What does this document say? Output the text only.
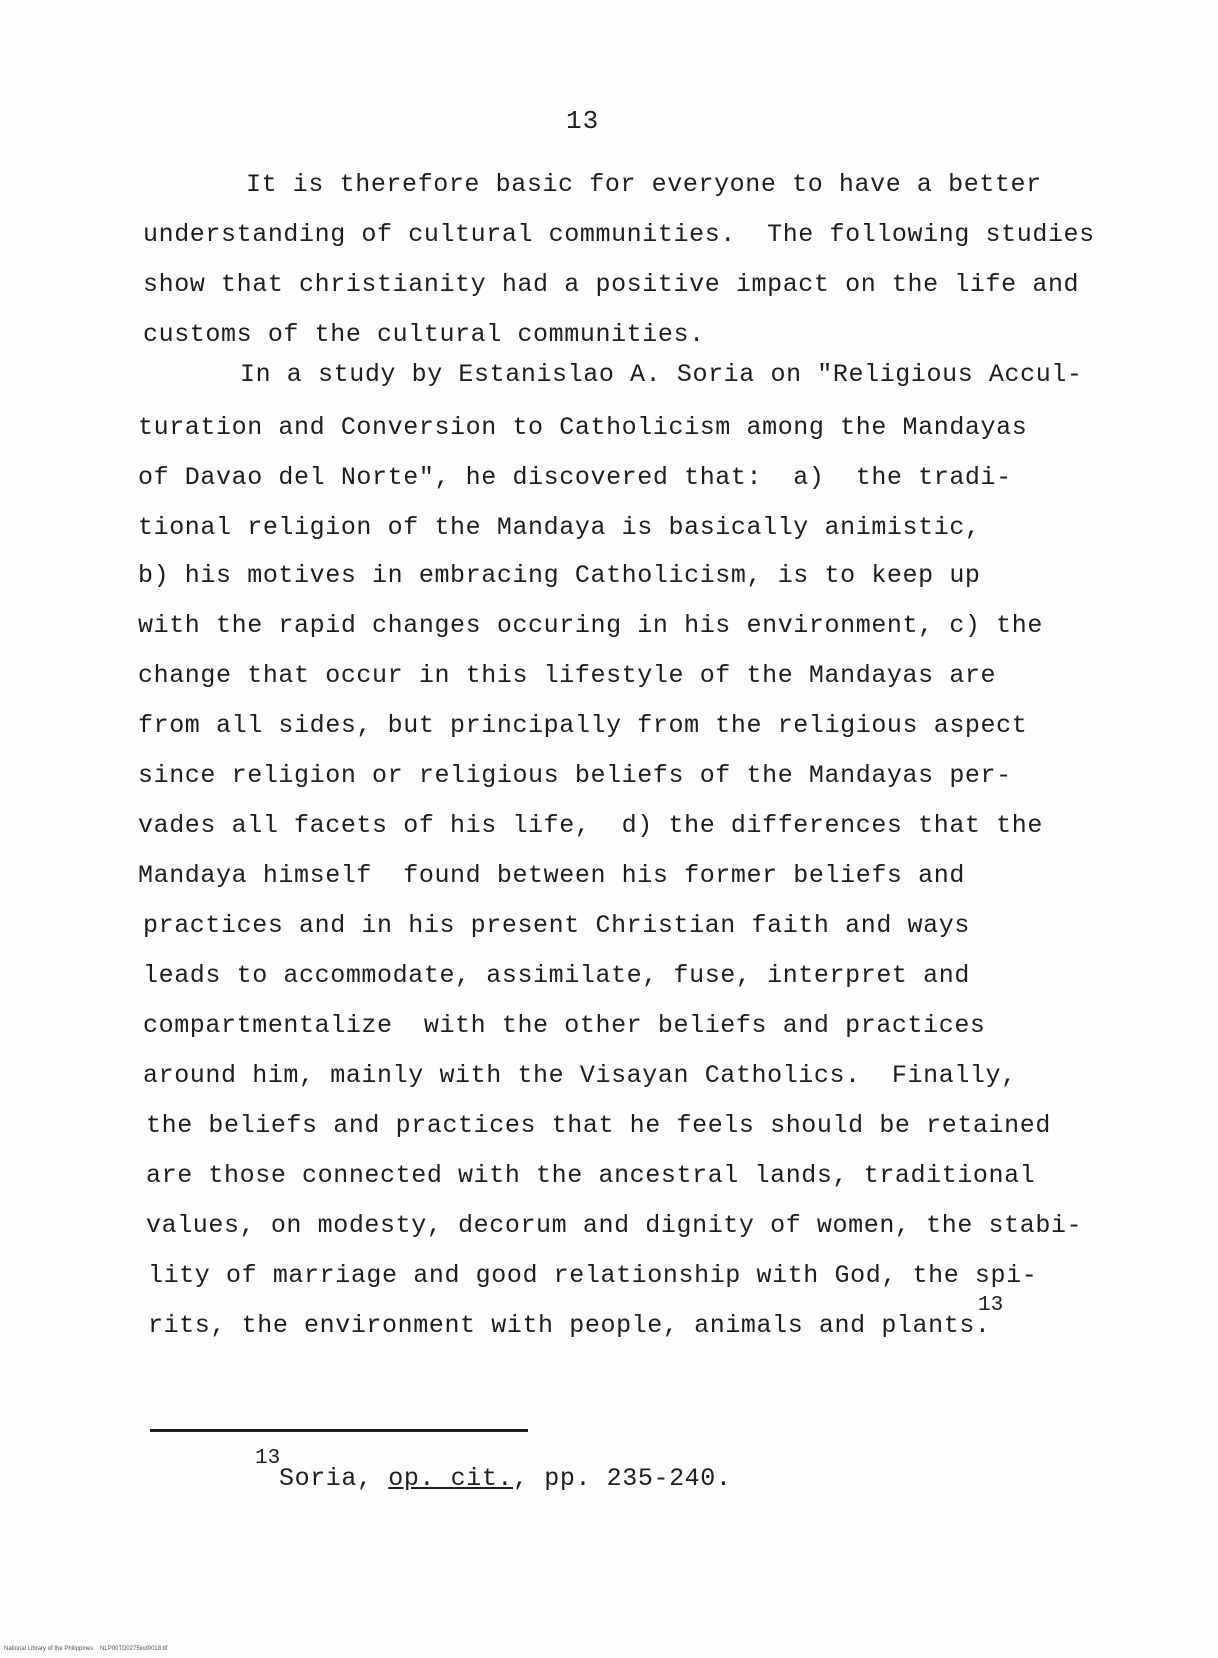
13
It is therefore basic for everyone to have a better
understanding of cultural communities.  The following studies
show that christianity had a positive impact on the life and
customs of the cultural communities.
In a study by Estanislao A. Soria on "Religious Accul-
turation and Conversion to Catholicism among the Mandayas
of Davao del Norte", he discovered that:  a)  the tradi-
tional religion of the Mandaya is basically animistic,
b) his motives in embracing Catholicism, is to keep up
with the rapid changes occuring in his environment, c) the
change that occur in this lifestyle of the Mandayas are
from all sides, but principally from the religious aspect
since religion or religious beliefs of the Mandayas per-
vades all facets of his life,  d) the differences that the
Mandaya himself  found between his former beliefs and
practices and in his present Christian faith and ways
leads to accommodate, assimilate, fuse, interpret and
compartmentalize  with the other beliefs and practices
around him, mainly with the Visayan Catholics.  Finally,
the beliefs and practices that he feels should be retained
are those connected with the ancestral lands, traditional
values, on modesty, decorum and dignity of women, the stabi-
lity of marriage and good relationship with God, the spi-
rits, the environment with people, animals and plants.
13
13
Soria, op. cit., pp. 235-240.
National Library of the Philippines    NLP00TD0275ind0018.tif
